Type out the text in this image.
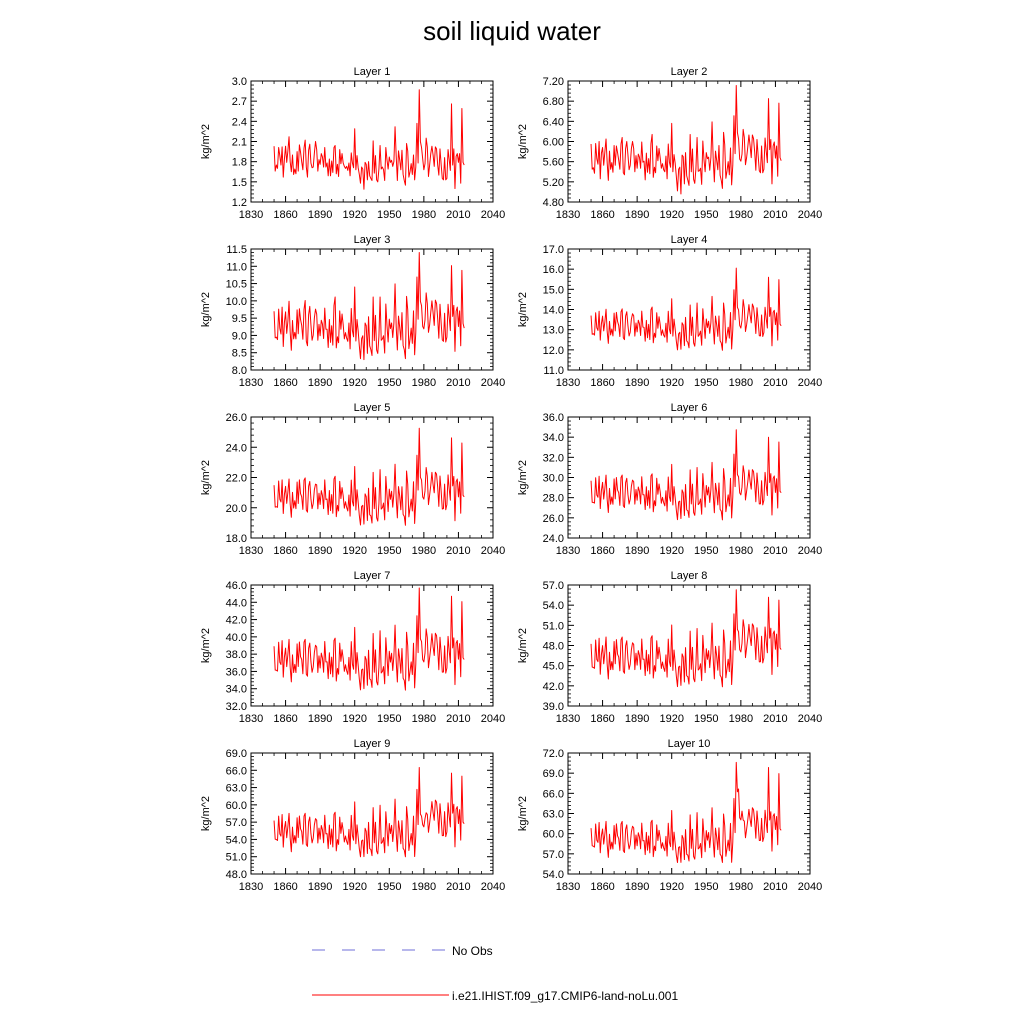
soil liquid water
Layer 1
kg/m^2
1.2
1.5
1.8
2.1
2.4
2.7
3.0
1830 1860 1890 1920 1950 1980 2010 2040
Layer 2
kg/m^2
4.80
5.20
5.60
6.00
6.40
6.80
7.20
1830 1860 1890 1920 1950 1980 2010 2040
Layer 3
kg/m^2
8.0
8.5
9.0
9.5
10.0
10.5
11.0
11.5
1830 1860 1890 1920 1950 1980 2010 2040
Layer 4
kg/m^2
11.0
12.0
13.0
14.0
15.0
16.0
17.0
1830 1860 1890 1920 1950 1980 2010 2040
Layer 5
kg/m^2
18.0
20.0
22.0
24.0
26.0
1830 1860 1890 1920 1950 1980 2010 2040
Layer 6
kg/m^2
24.0
26.0
28.0
30.0
32.0
34.0
36.0
1830 1860 1890 1920 1950 1980 2010 2040
Layer 7
kg/m^2
32.0
34.0
36.0
38.0
40.0
42.0
44.0
46.0
1830 1860 1890 1920 1950 1980 2010 2040
Layer 8
kg/m^2
39.0
42.0
45.0
48.0
51.0
54.0
57.0
1830 1860 1890 1920 1950 1980 2010 2040
Layer 9
kg/m^2
48.0
51.0
54.0
57.0
60.0
63.0
66.0
69.0
1830 1860 1890 1920 1950 1980 2010 2040
Layer 10
kg/m^2
54.0
57.0
60.0
63.0
66.0
69.0
72.0
1830 1860 1890 1920 1950 1980 2010 2040
No Obs
i.e21.IHIST.f09_g17.CMIP6-land-noLu.001
